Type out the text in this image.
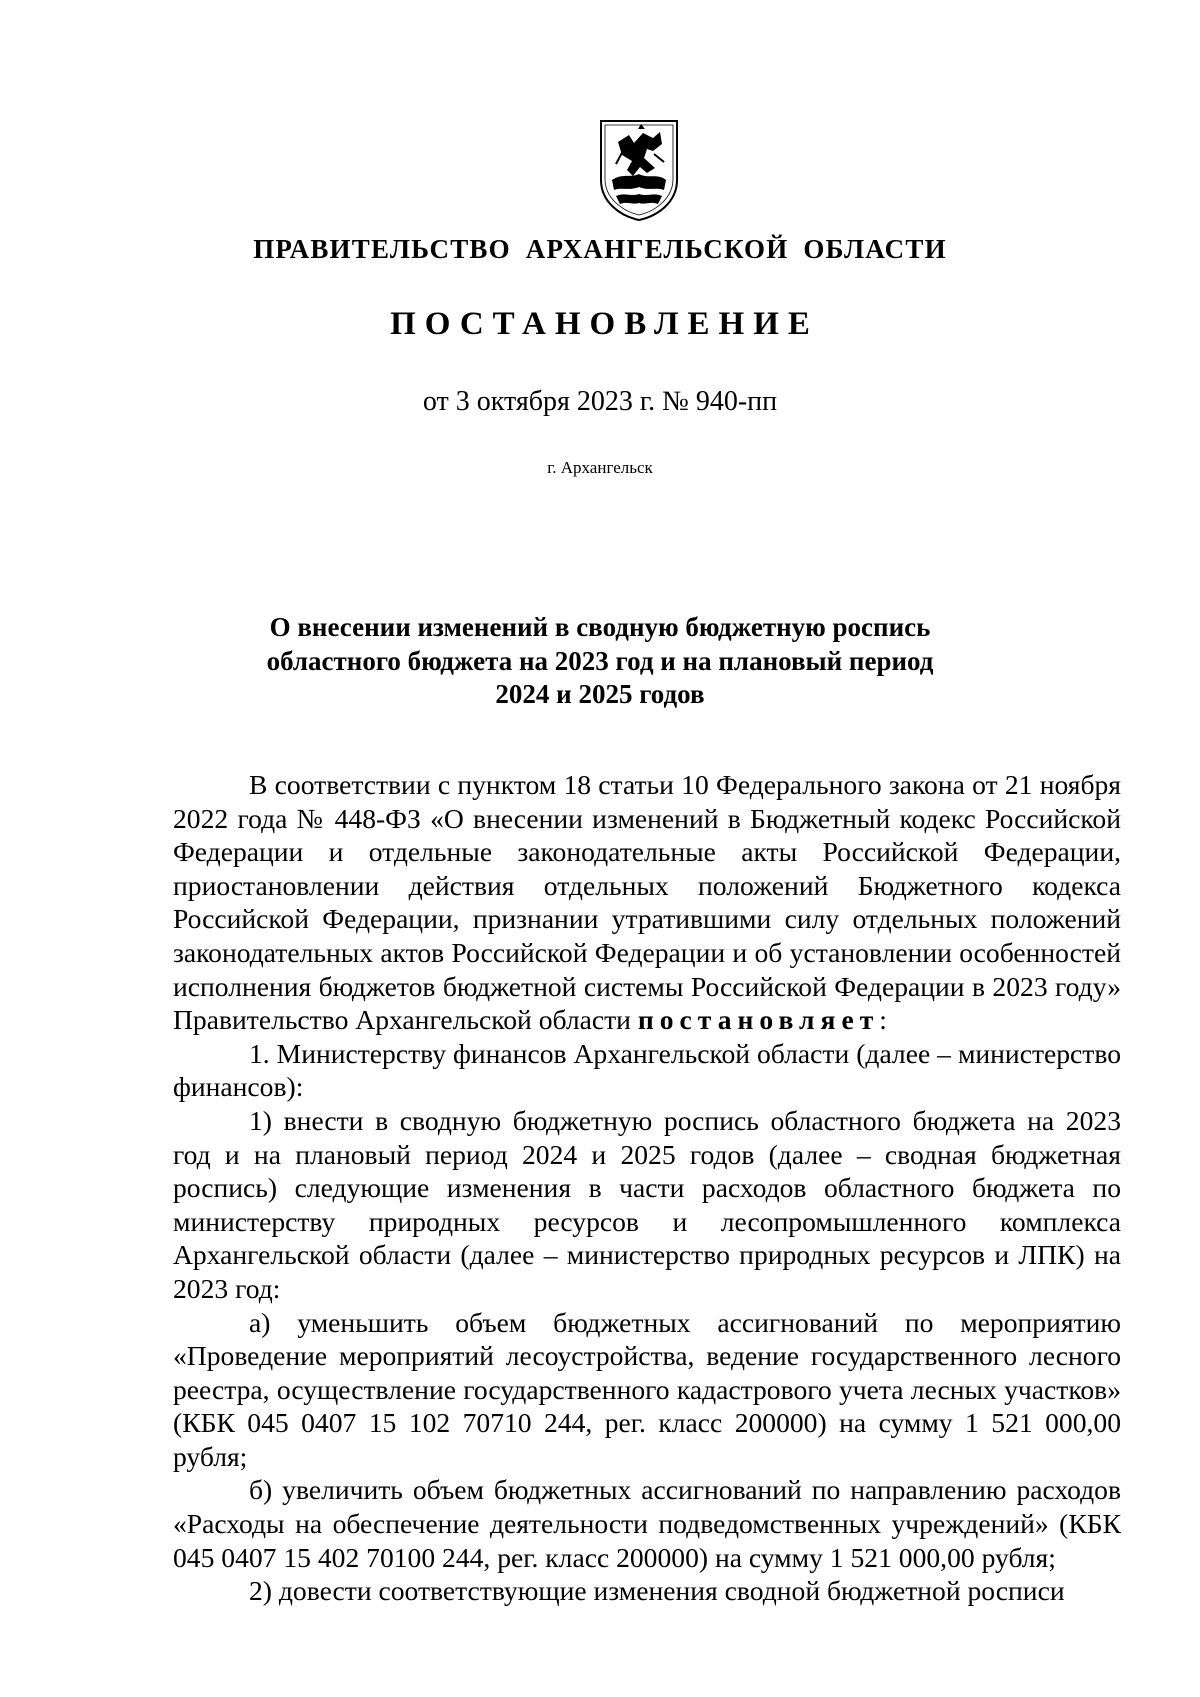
ПРАВИТЕЛЬСТВО АРХАНГЕЛЬСКОЙ ОБЛАСТИ
ПОСТАНОВЛЕНИЕ
от 3 октября 2023 г. № 940-пп
г. Архангельск
О внесении изменений в сводную бюджетную роспись
областного бюджета на 2023 год и на плановый период
2024 и 2025 годов

В соответствии с пунктом 18 статьи 10 Федерального закона от 21 ноября 2022 года № 448-ФЗ «О внесении изменений в Бюджетный кодекс Российской Федерации и отдельные законодательные акты Российской Федерации, приостановлении действия отдельных положений Бюджетного кодекса Российской Федерации, признании утратившими силу отдельных положений законодательных актов Российской Федерации и об установлении особенностей исполнения бюджетов бюджетной системы Российской Федерации в 2023 году» Правительство Архангельской области постановляет:

1. Министерству финансов Архангельской области (далее – министерство финансов):

1) внести в сводную бюджетную роспись областного бюджета на 2023 год и на плановый период 2024 и 2025 годов (далее – сводная бюджетная роспись) следующие изменения в части расходов областного бюджета по министерству природных ресурсов и лесопромышленного комплекса Архангельской области (далее – министерство природных ресурсов и ЛПК) на 2023 год:

а) уменьшить объем бюджетных ассигнований по мероприятию «Проведение мероприятий лесоустройства, ведение государственного лесного реестра, осуществление государственного кадастрового учета лесных участков» (КБК 045 0407 15 102 70710 244, рег. класс 200000) на сумму 1 521 000,00 рубля;

б) увеличить объем бюджетных ассигнований по направлению расходов «Расходы на обеспечение деятельности подведомственных учреждений» (КБК 045 0407 15 402 70100 244, рег. класс 200000) на сумму 1 521 000,00 рубля;

2) довести соответствующие изменения сводной бюджетной росписи
